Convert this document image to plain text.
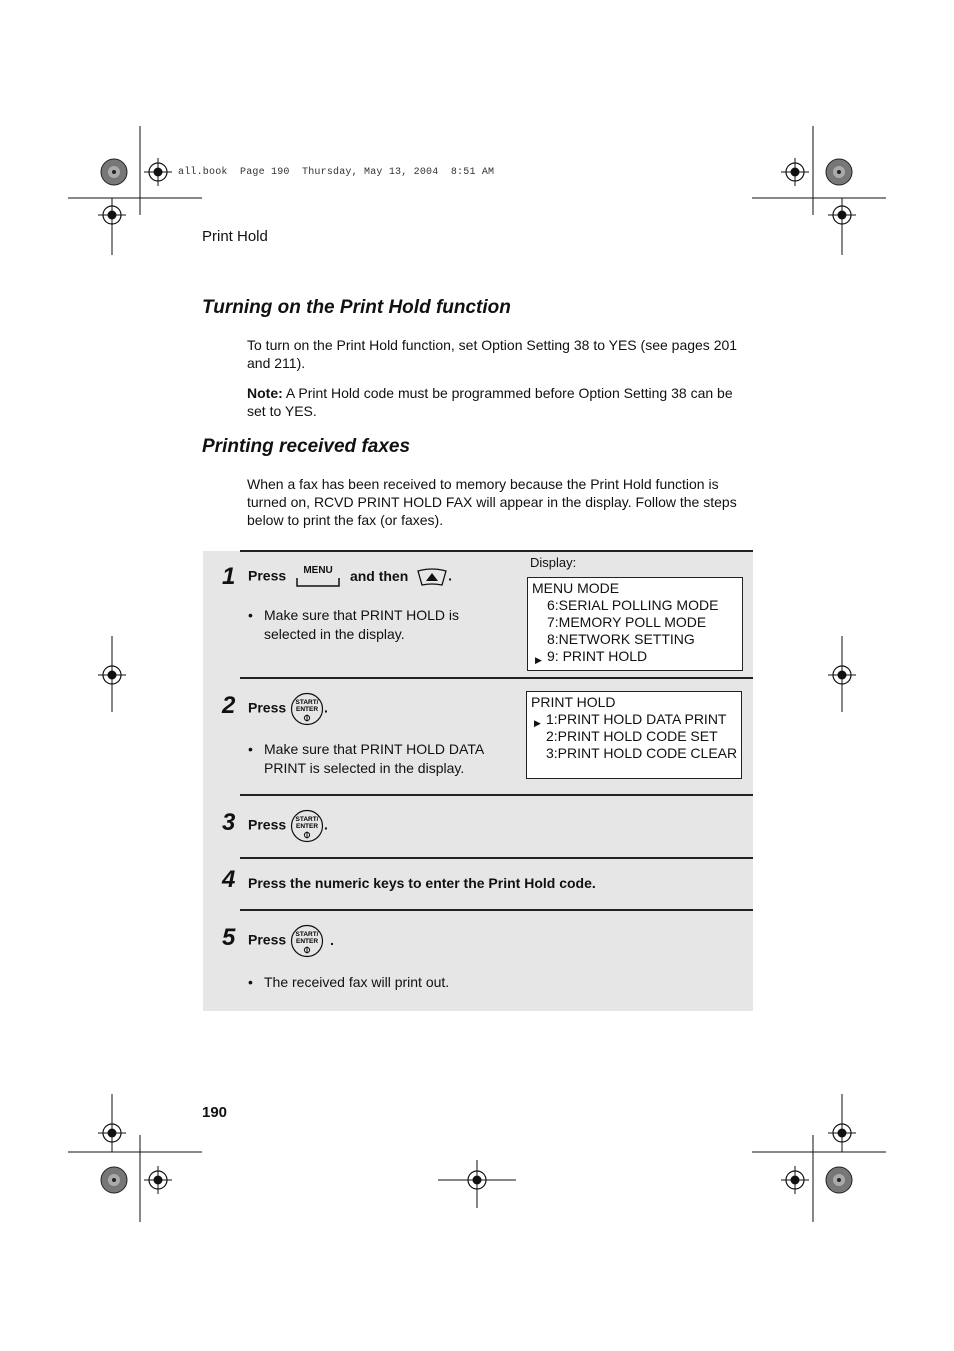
all.book  Page 190  Thursday, May 13, 2004  8:51 AM
Print Hold
Turning on the Print Hold function
To turn on the Print Hold function, set Option Setting 38 to YES (see pages 201 and 211).
Note: A Print Hold code must be programmed before Option Setting 38 can be set to YES.
Printing received faxes
When a fax has been received to memory because the Print Hold function is turned on, RCVD PRINT HOLD FAX will appear in the display. Follow the steps below to print the fax (or faxes).
Display:
1 Press	MENU	and then	.
• Make sure that PRINT HOLD is selected in the display.
MENU MODE
6:SERIAL POLLING MODE
7:MEMORY POLL MODE
8:NETWORK SETTING
▶ 9: PRINT HOLD
2 Press START/
ENTER .
• Make sure that PRINT HOLD DATA PRINT is selected in the display.
PRINT HOLD
▶ 1:PRINT HOLD DATA PRINT
2:PRINT HOLD CODE SET
3:PRINT HOLD CODE CLEAR
3 Press START/
ENTER .
4 Press the numeric keys to enter the Print Hold code.
5 Press START/
ENTER .
• The received fax will print out.
190
